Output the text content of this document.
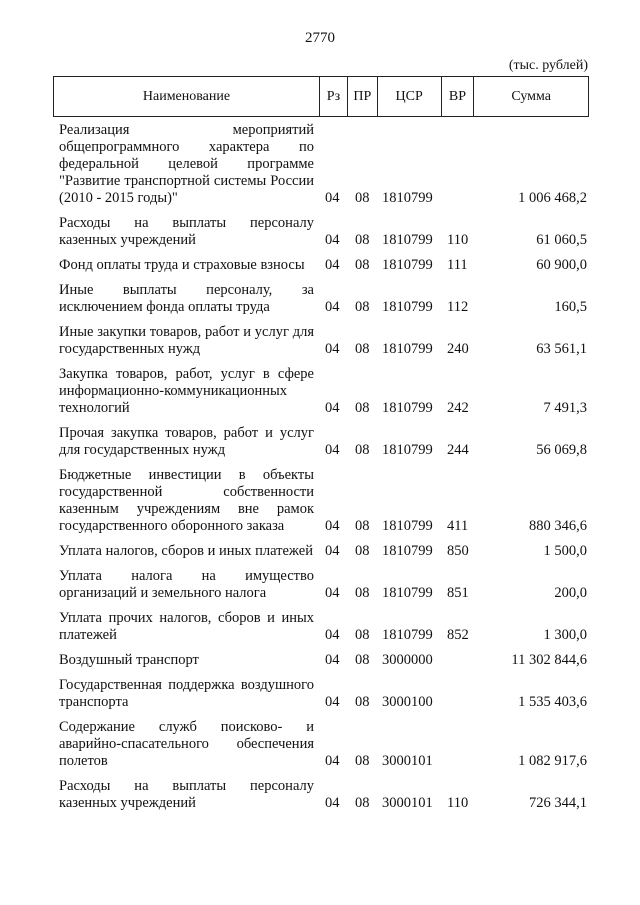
2770
(тыс. рублей)
Наименование	Рз ПР	ЦСР	ВР	Сумма
Реализация мероприятий общепрограммного характера по федеральной целевой программе "Развитие транспортной системы России (2010 - 2015 годы)"	04 08 1810799	1 006 468,2
Расходы на выплаты персоналу казенных учреждений	04 08 1810799 110	61 060,5
Фонд оплаты труда и страховые взносы	04 08 1810799 111	60 900,0
Иные выплаты персоналу, за исключением фонда оплаты труда	04 08 1810799 112	160,5
Иные закупки товаров, работ и услуг для государственных нужд	04 08 1810799 240	63 561,1
Закупка товаров, работ, услуг в сфере информационно-коммуникационных технологий	04 08 1810799 242	7 491,3
Прочая закупка товаров, работ и услуг для государственных нужд	04 08 1810799 244	56 069,8
Бюджетные инвестиции в объекты государственной собственности казенным учреждениям вне рамок государственного оборонного заказа	04 08 1810799 411	880 346,6
Уплата налогов, сборов и иных платежей 04 08 1810799 850	1 500,0
Уплата налога на имущество организаций и земельного налога	04 08 1810799 851	200,0
Уплата прочих налогов, сборов и иных платежей	04 08 1810799 852	1 300,0
Воздушный транспорт	04 08 3000000	11 302 844,6
Государственная поддержка воздушного транспорта	04 08 3000100	1 535 403,6
Содержание служб поисково- и аварийно-спасательного обеспечения полетов	04 08 3000101	1 082 917,6
Расходы на выплаты персоналу казенных учреждений	04 08 3000101 110	726 344,1
